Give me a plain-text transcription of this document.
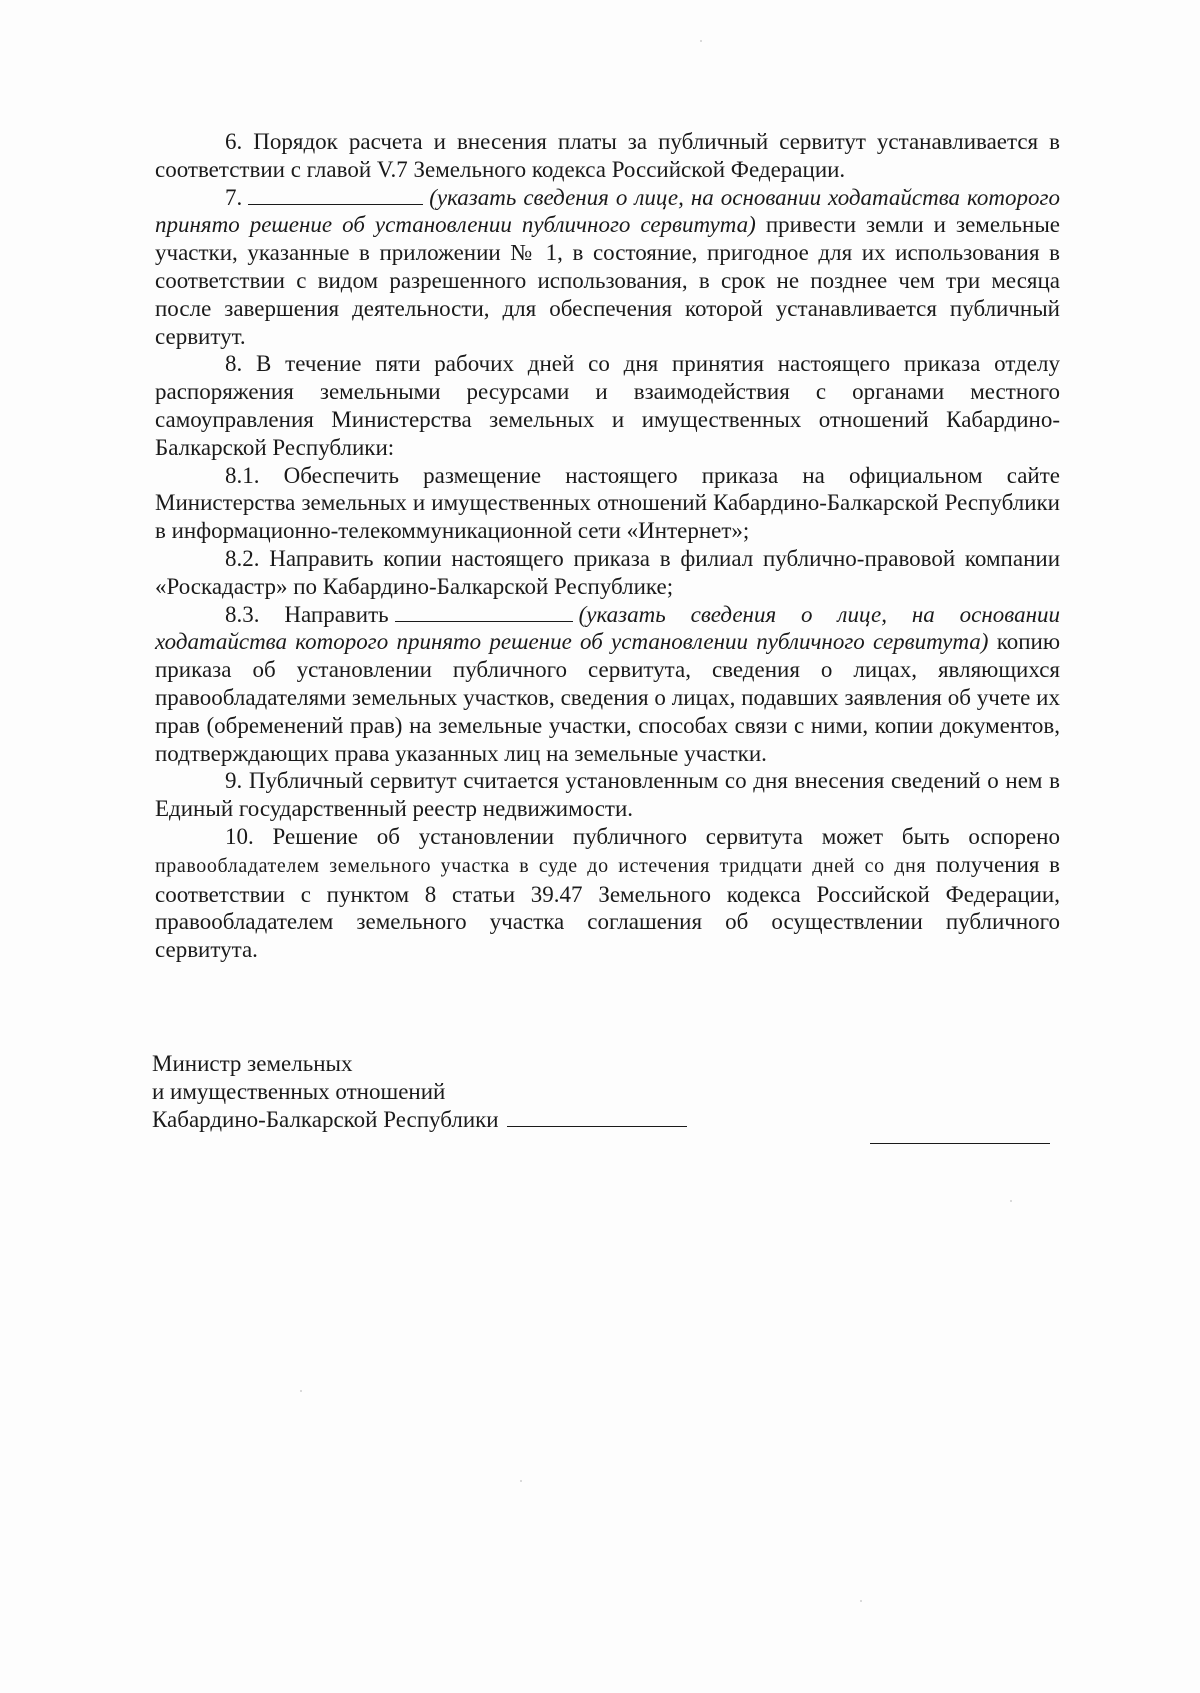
6. Порядок расчета и внесения платы за публичный сервитут устанавливается в соответствии с главой V.7 Земельного кодекса Российской Федерации.

7.	(указать сведения о лице, на основании ходатайства которого принято решение об установлении публичного сервитута) привести земли и земельные участки, указанные в приложении № 1, в состояние, пригодное для их использования в соответствии с видом разрешенного использования, в срок не позднее чем три месяца после завершения деятельности, для обеспечения которой устанавливается публичный сервитут.

8. В течение пяти рабочих дней со дня принятия настоящего приказа отделу распоряжения земельными ресурсами и взаимодействия с органами местного самоуправления Министерства земельных и имущественных отношений Кабардино-Балкарской Республики:

8.1. Обеспечить размещение настоящего приказа на официальном сайте Министерства земельных и имущественных отношений Кабардино-Балкарской Республики в информационно-телекоммуникационной сети «Интернет»;

8.2. Направить копии настоящего приказа в филиал публично-правовой компании «Роскадастр» по Кабардино-Балкарской Республике;

8.3. Направить	(указать сведения о лице, на основании ходатайства которого принято решение об установлении публичного сервитута) копию приказа об установлении публичного сервитута, сведения о лицах, являющихся правообладателями земельных участков, сведения о лицах, подавших заявления об учете их прав (обременений прав) на земельные участки, способах связи с ними, копии документов, подтверждающих права указанных лиц на земельные участки.

9. Публичный сервитут считается установленным со дня внесения сведений о нем в Единый государственный реестр недвижимости.

10. Решение об установлении публичного сервитута может быть оспорено правообладателем земельного участка в суде до истечения тридцати дней со дня получения в соответствии с пунктом 8 статьи 39.47 Земельного кодекса Российской Федерации, правообладателем земельного участка соглашения об осуществлении публичного сервитута.

Министр земельных
и имущественных отношений
Кабардино-Балкарской Республики
